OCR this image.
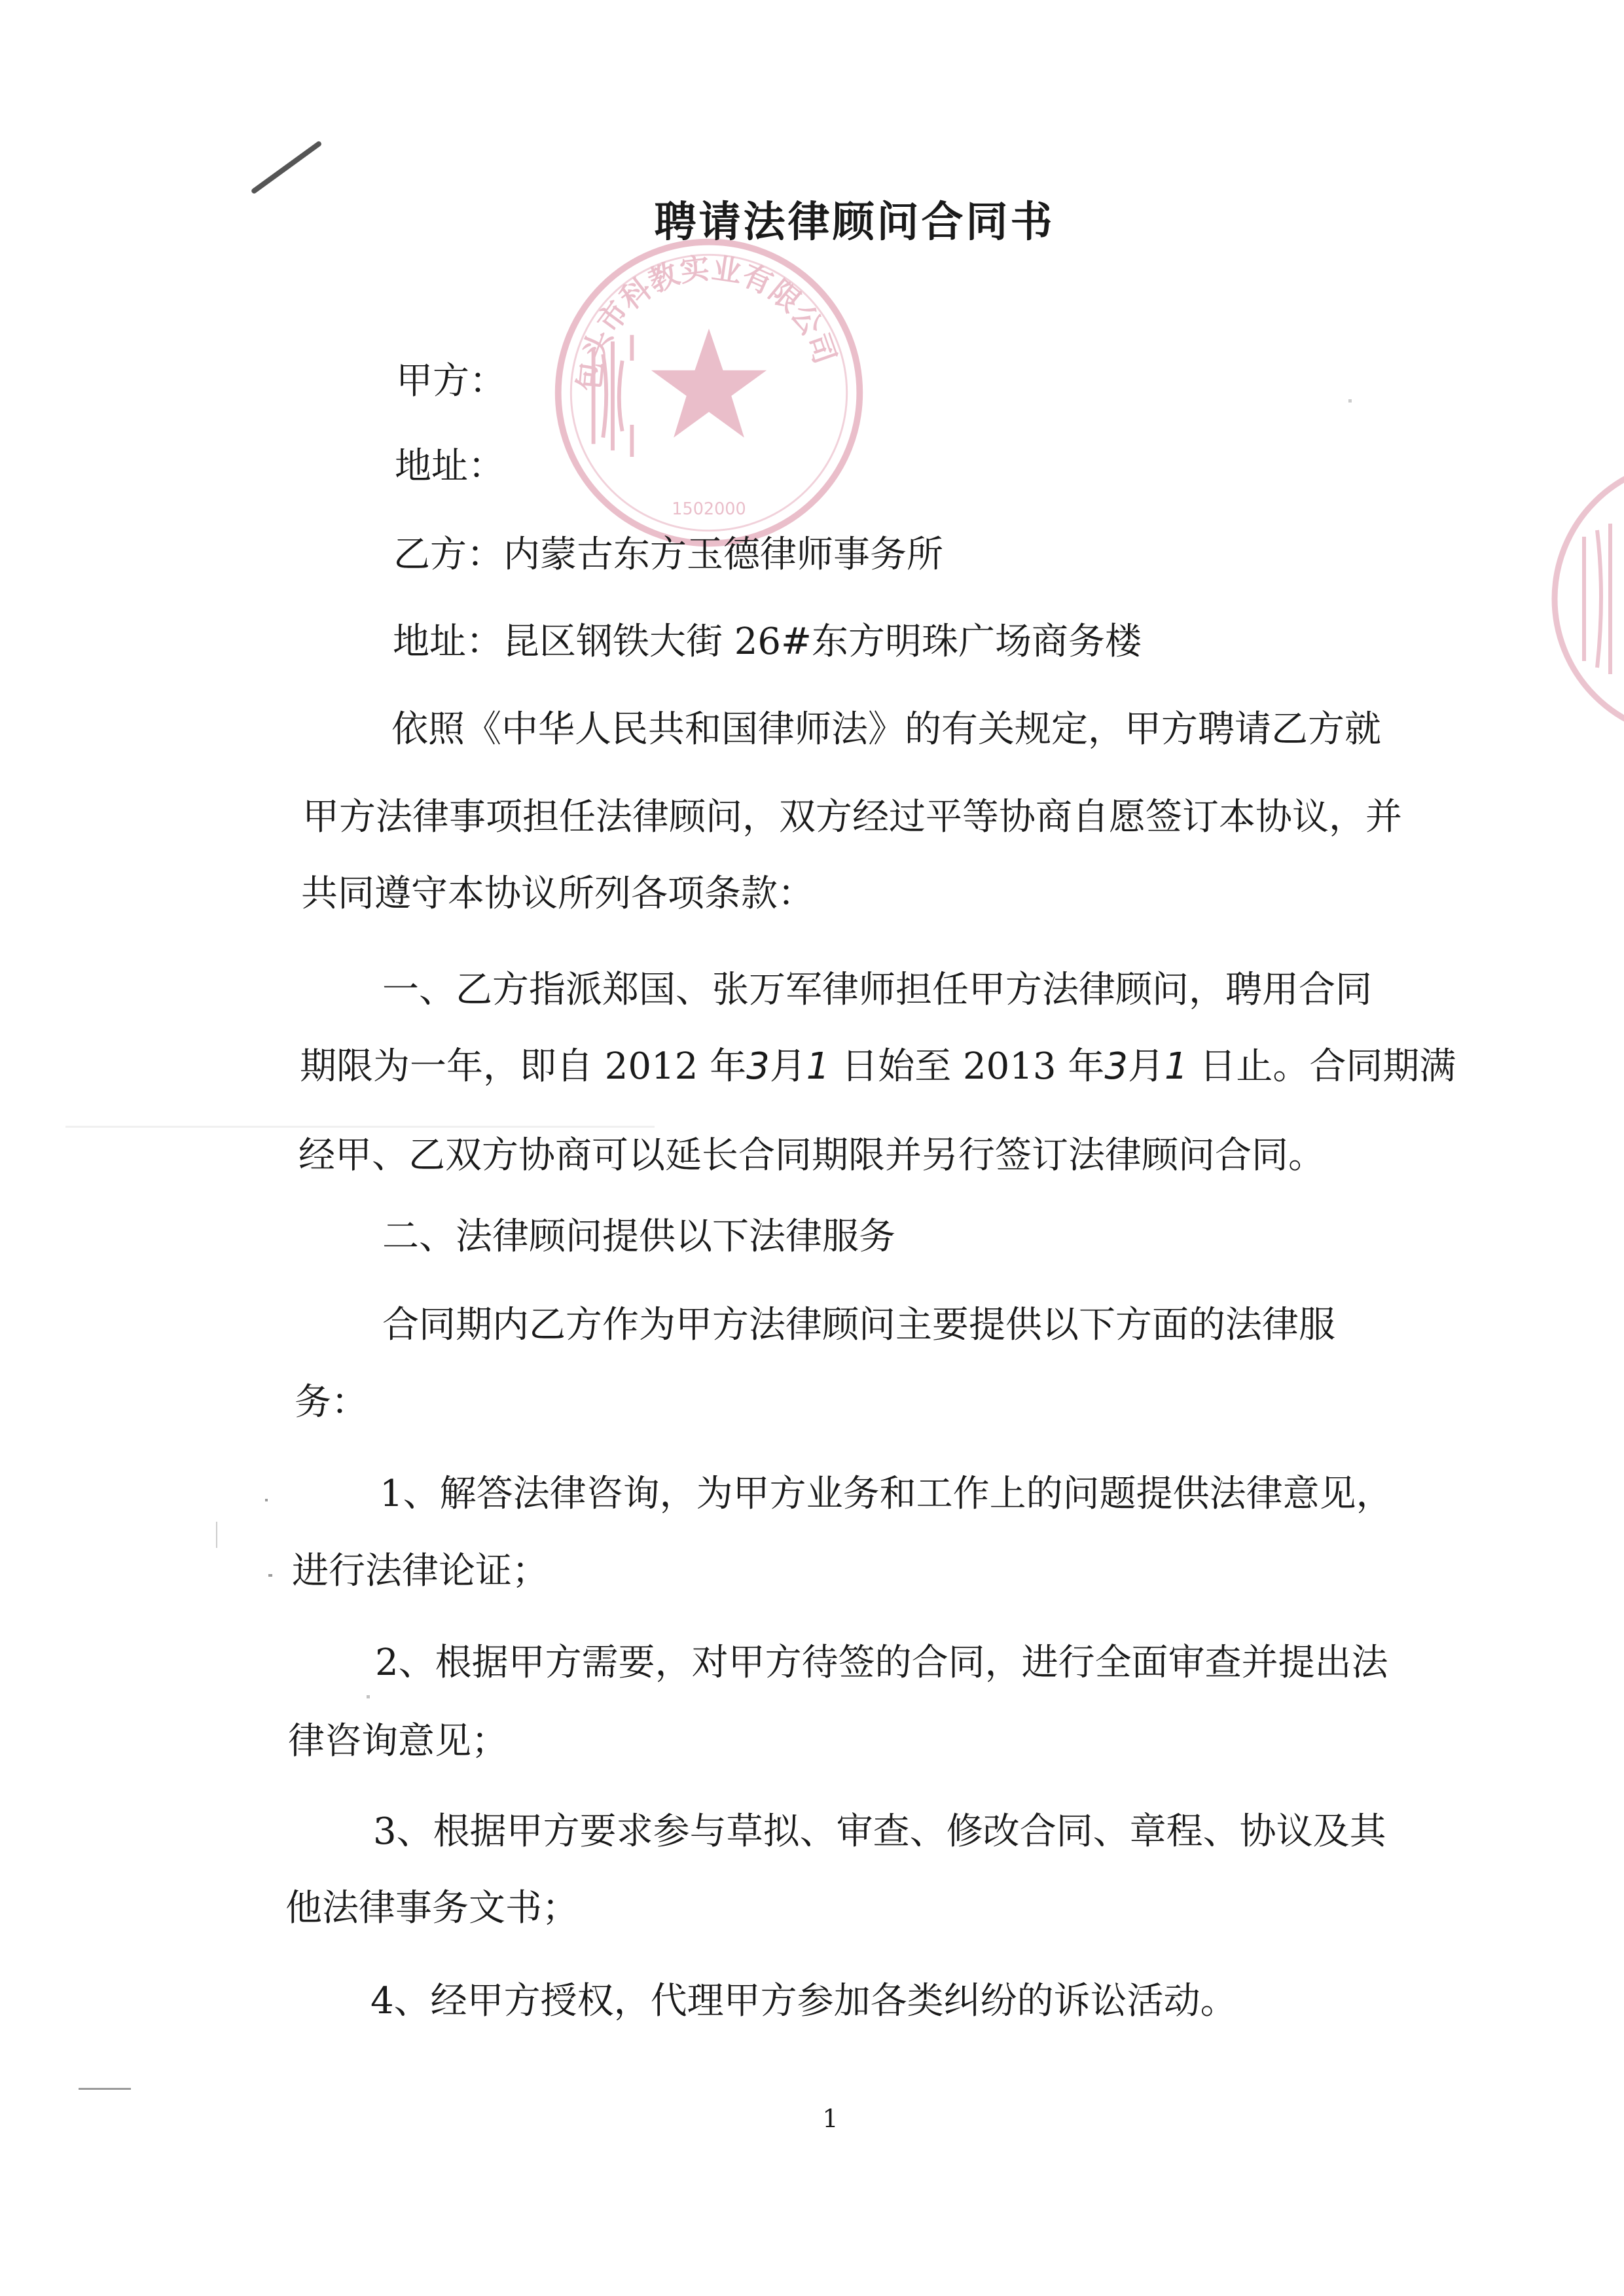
包头市科教实业有限公司
1502000
聘请法律顾问合同书
甲方：
地址：
乙方：内蒙古东方玉德律师事务所
地址：昆区钢铁大街 26#东方明珠广场商务楼
依照《中华人民共和国律师法》的有关规定，甲方聘请乙方就
甲方法律事项担任法律顾问，双方经过平等协商自愿签订本协议，并
共同遵守本协议所列各项条款：
一、乙方指派郑国、张万军律师担任甲方法律顾问，聘用合同
期限为一年，即自 2012 年3月1 日始至 2013 年3月1 日止。合同期满
经甲、乙双方协商可以延长合同期限并另行签订法律顾问合同。
二、法律顾问提供以下法律服务
合同期内乙方作为甲方法律顾问主要提供以下方面的法律服
务：
1、解答法律咨询，为甲方业务和工作上的问题提供法律意见，
进行法律论证；
2、根据甲方需要，对甲方待签的合同，进行全面审查并提出法
律咨询意见；
3、根据甲方要求参与草拟、审查、修改合同、章程、协议及其
他法律事务文书；
4、经甲方授权，代理甲方参加各类纠纷的诉讼活动。
1
